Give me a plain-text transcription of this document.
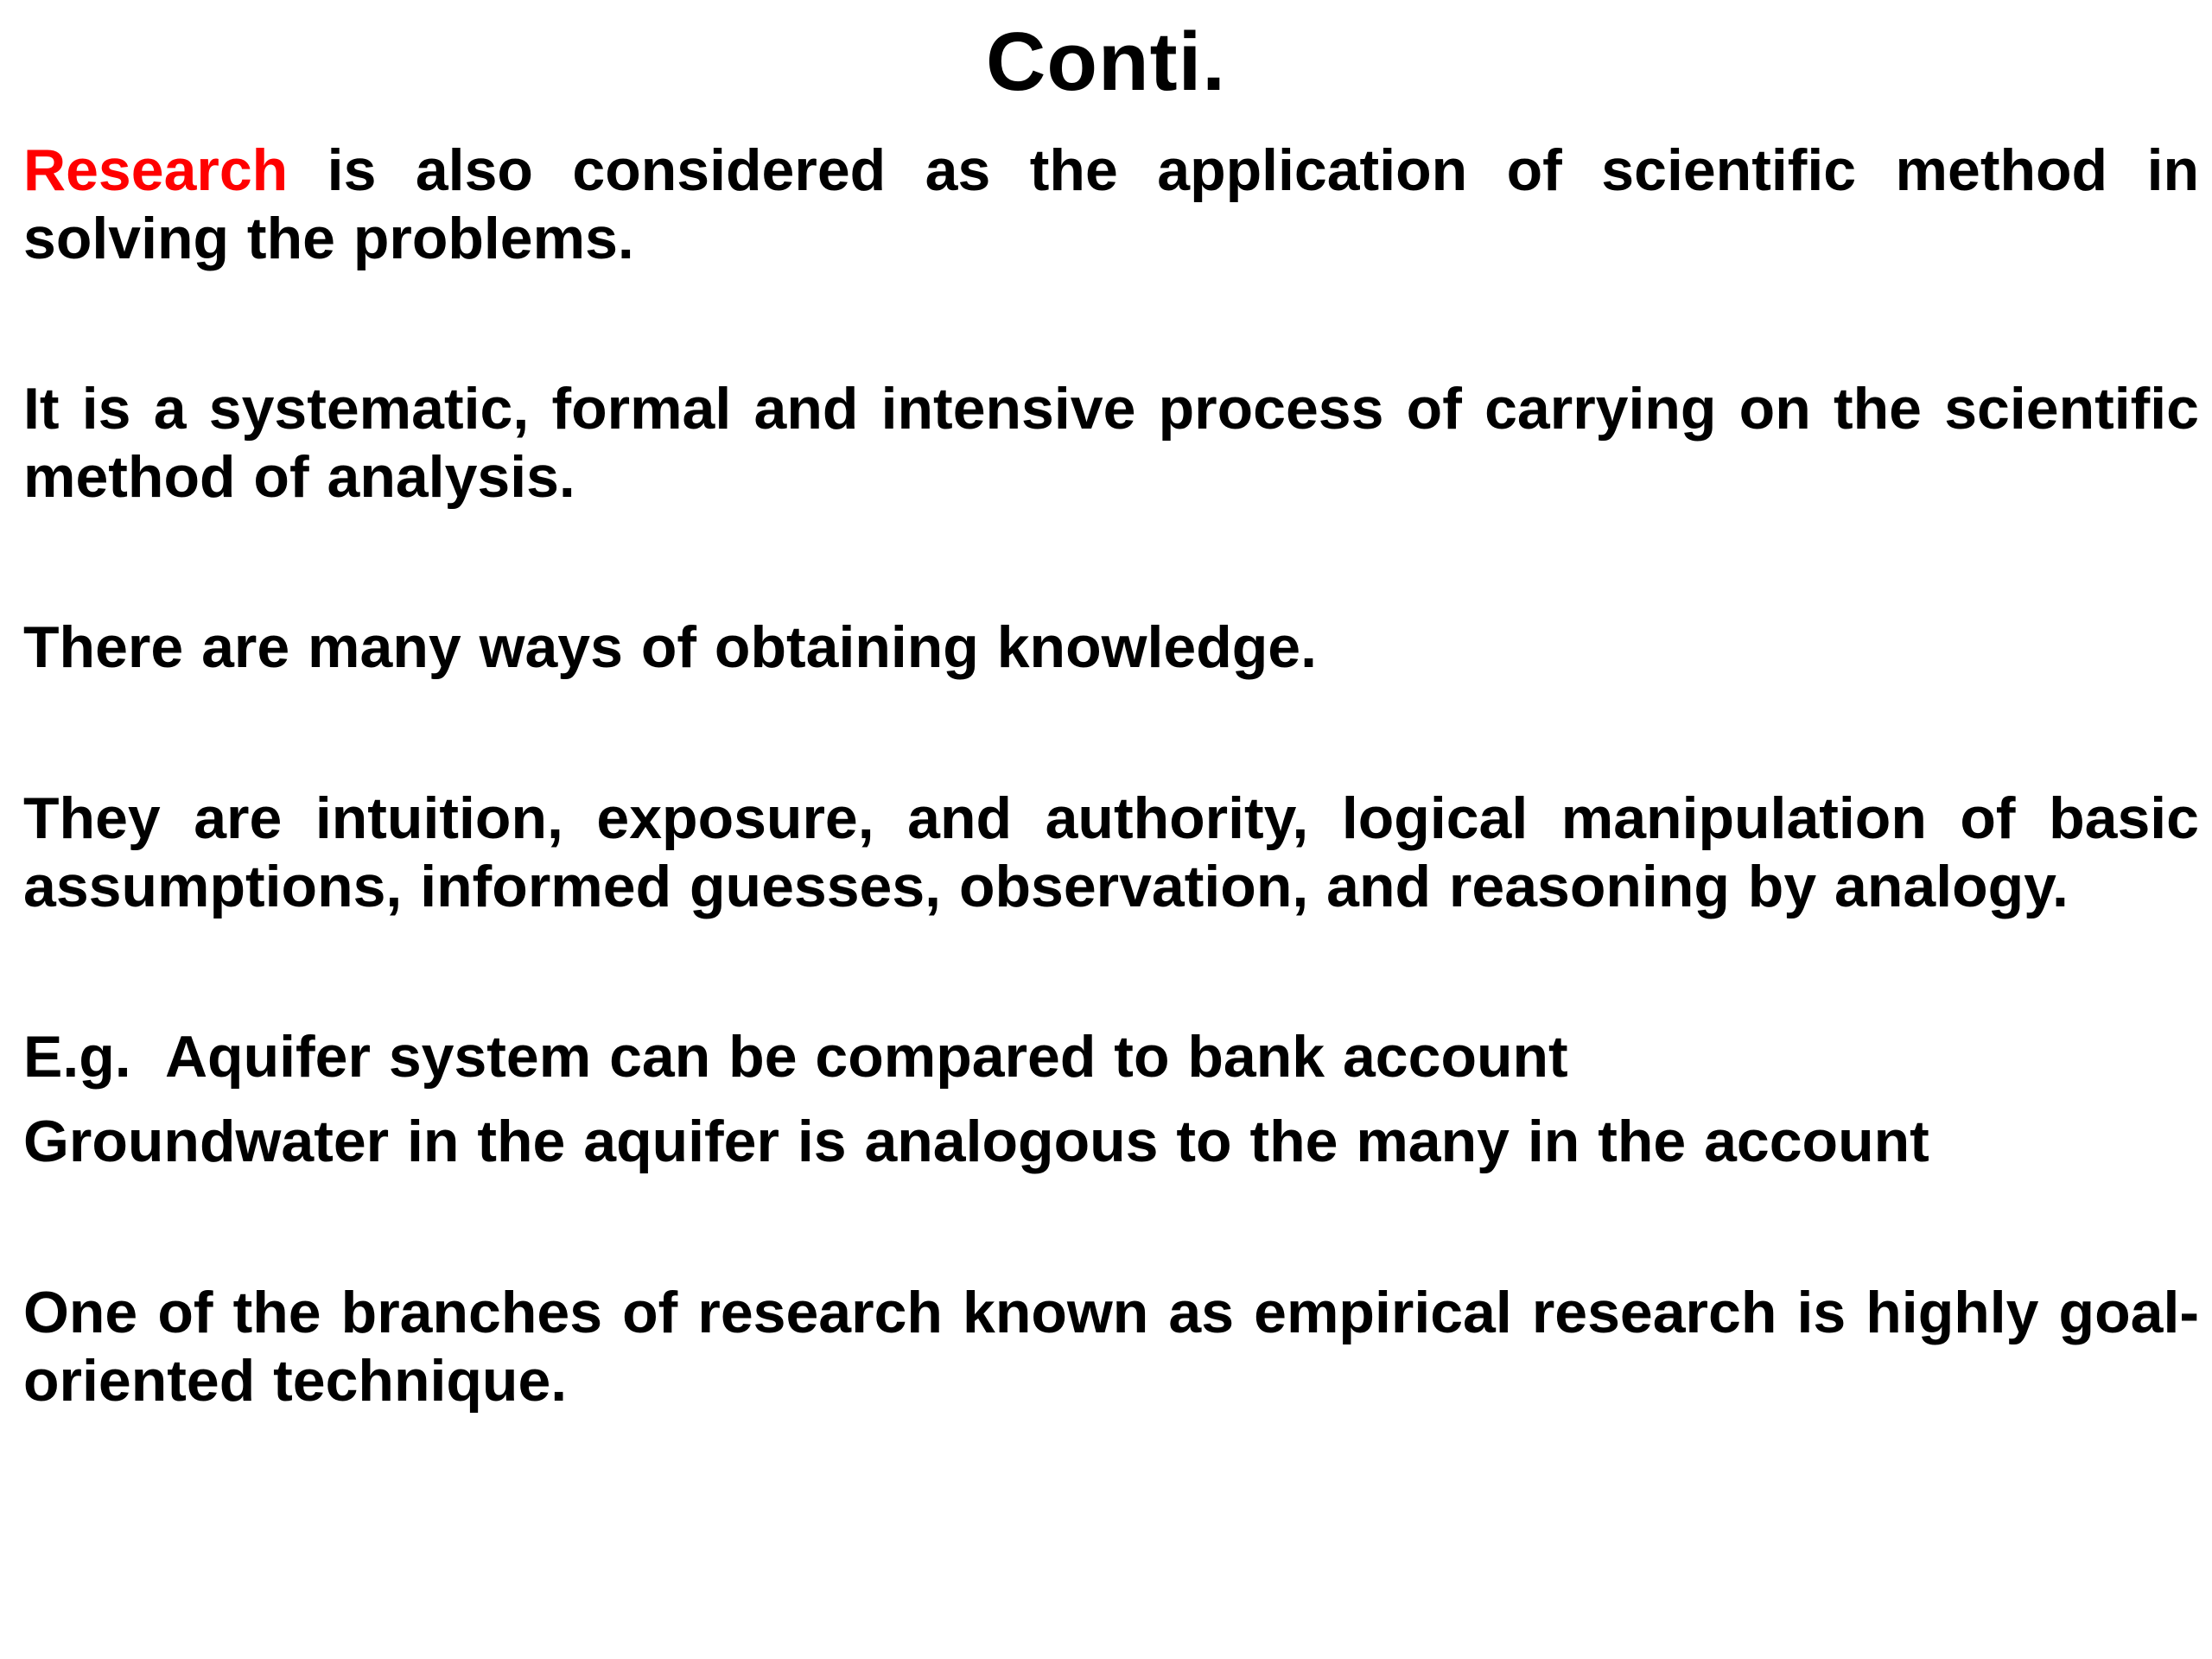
Conti.
Research is also considered as the application of scientific method in solving the problems.
It is a systematic, formal and intensive process of carrying on the scientific method of analysis.
There are many ways of obtaining knowledge.
They are intuition, exposure, and authority, logical manipulation of basic assumptions, informed guesses, observation, and reasoning by analogy.
E.g.  Aquifer system can be compared to bank account
Groundwater in the aquifer is analogous to the many in the account
One of the branches of research known as empirical research is highly goal-oriented technique.
